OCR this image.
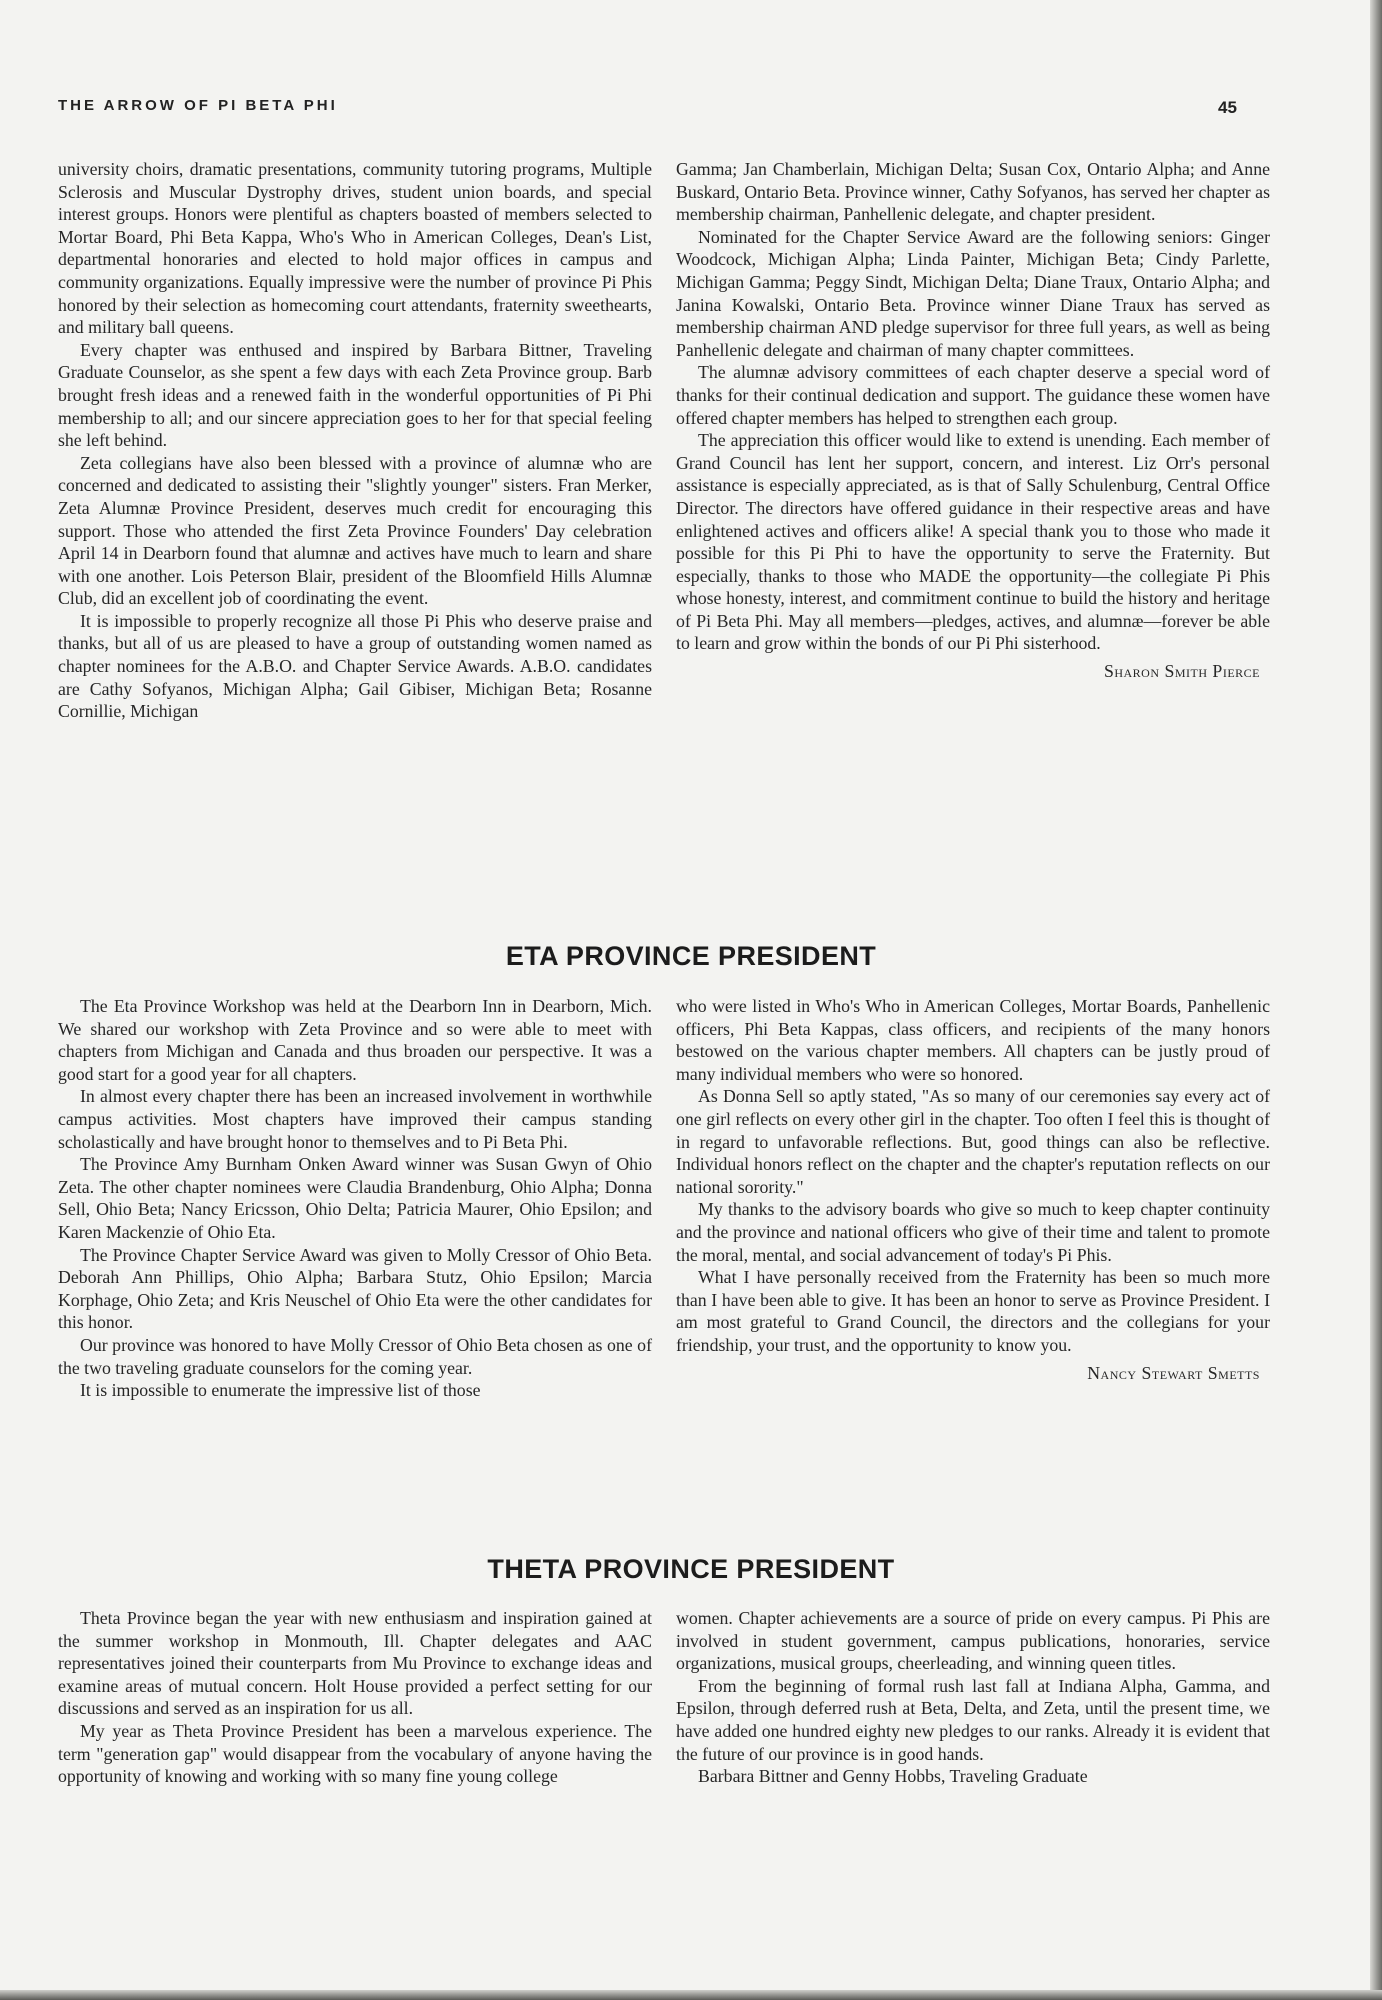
THE ARROW OF PI BETA PHI	45

university choirs, dramatic presentations, community tutoring programs, Multiple Sclerosis and Muscular Dystrophy drives, student union boards, and special interest groups. Honors were plentiful as chapters boasted of members selected to Mortar Board, Phi Beta Kappa, Who's Who in American Colleges, Dean's List, departmental honoraries and elected to hold major offices in campus and community organizations. Equally impressive were the number of province Pi Phis honored by their selection as homecoming court attendants, fraternity sweethearts, and military ball queens.

Every chapter was enthused and inspired by Barbara Bittner, Traveling Graduate Counselor, as she spent a few days with each Zeta Province group. Barb brought fresh ideas and a renewed faith in the wonderful opportunities of Pi Phi membership to all; and our sincere appreciation goes to her for that special feeling she left behind.

Zeta collegians have also been blessed with a province of alumnæ who are concerned and dedicated to assisting their "slightly younger" sisters. Fran Merker, Zeta Alumnæ Province President, deserves much credit for encouraging this support. Those who attended the first Zeta Province Founders' Day celebration April 14 in Dearborn found that alumnæ and actives have much to learn and share with one another. Lois Peterson Blair, president of the Bloomfield Hills Alumnæ Club, did an excellent job of coordinating the event.

It is impossible to properly recognize all those Pi Phis who deserve praise and thanks, but all of us are pleased to have a group of outstanding women named as chapter nominees for the A.B.O. and Chapter Service Awards. A.B.O. candidates are Cathy Sofyanos, Michigan Alpha; Gail Gibiser, Michigan Beta; Rosanne Cornillie, Michigan

Gamma; Jan Chamberlain, Michigan Delta; Susan Cox, Ontario Alpha; and Anne Buskard, Ontario Beta. Province winner, Cathy Sofyanos, has served her chapter as membership chairman, Panhellenic delegate, and chapter president.

Nominated for the Chapter Service Award are the following seniors: Ginger Woodcock, Michigan Alpha; Linda Painter, Michigan Beta; Cindy Parlette, Michigan Gamma; Peggy Sindt, Michigan Delta; Diane Traux, Ontario Alpha; and Janina Kowalski, Ontario Beta. Province winner Diane Traux has served as membership chairman AND pledge supervisor for three full years, as well as being Panhellenic delegate and chairman of many chapter committees.

The alumnæ advisory committees of each chapter deserve a special word of thanks for their continual dedication and support. The guidance these women have offered chapter members has helped to strengthen each group.

The appreciation this officer would like to extend is unending. Each member of Grand Council has lent her support, concern, and interest. Liz Orr's personal assistance is especially appreciated, as is that of Sally Schulenburg, Central Office Director. The directors have offered guidance in their respective areas and have enlightened actives and officers alike! A special thank you to those who made it possible for this Pi Phi to have the opportunity to serve the Fraternity. But especially, thanks to those who MADE the opportunity—the collegiate Pi Phis whose honesty, interest, and commitment continue to build the history and heritage of Pi Beta Phi. May all members—pledges, actives, and alumnæ—forever be able to learn and grow within the bonds of our Pi Phi sisterhood.

Sharon Smith Pierce
ETA PROVINCE PRESIDENT

The Eta Province Workshop was held at the Dearborn Inn in Dearborn, Mich. We shared our workshop with Zeta Province and so were able to meet with chapters from Michigan and Canada and thus broaden our perspective. It was a good start for a good year for all chapters.

In almost every chapter there has been an increased involvement in worthwhile campus activities. Most chapters have improved their campus standing scholastically and have brought honor to themselves and to Pi Beta Phi.

The Province Amy Burnham Onken Award winner was Susan Gwyn of Ohio Zeta. The other chapter nominees were Claudia Brandenburg, Ohio Alpha; Donna Sell, Ohio Beta; Nancy Ericsson, Ohio Delta; Patricia Maurer, Ohio Epsilon; and Karen Mackenzie of Ohio Eta.

The Province Chapter Service Award was given to Molly Cressor of Ohio Beta. Deborah Ann Phillips, Ohio Alpha; Barbara Stutz, Ohio Epsilon; Marcia Korphage, Ohio Zeta; and Kris Neuschel of Ohio Eta were the other candidates for this honor.

Our province was honored to have Molly Cressor of Ohio Beta chosen as one of the two traveling graduate counselors for the coming year.

It is impossible to enumerate the impressive list of those

who were listed in Who's Who in American Colleges, Mortar Boards, Panhellenic officers, Phi Beta Kappas, class officers, and recipients of the many honors bestowed on the various chapter members. All chapters can be justly proud of many individual members who were so honored.

As Donna Sell so aptly stated, "As so many of our ceremonies say every act of one girl reflects on every other girl in the chapter. Too often I feel this is thought of in regard to unfavorable reflections. But, good things can also be reflective. Individual honors reflect on the chapter and the chapter's reputation reflects on our national sorority."

My thanks to the advisory boards who give so much to keep chapter continuity and the province and national officers who give of their time and talent to promote the moral, mental, and social advancement of today's Pi Phis.

What I have personally received from the Fraternity has been so much more than I have been able to give. It has been an honor to serve as Province President. I am most grateful to Grand Council, the directors and the collegians for your friendship, your trust, and the opportunity to know you.

Nancy Stewart Smetts
THETA PROVINCE PRESIDENT

Theta Province began the year with new enthusiasm and inspiration gained at the summer workshop in Monmouth, Ill. Chapter delegates and AAC representatives joined their counterparts from Mu Province to exchange ideas and examine areas of mutual concern. Holt House provided a perfect setting for our discussions and served as an inspiration for us all.

My year as Theta Province President has been a marvelous experience. The term "generation gap" would disappear from the vocabulary of anyone having the opportunity of knowing and working with so many fine young college

women. Chapter achievements are a source of pride on every campus. Pi Phis are involved in student government, campus publications, honoraries, service organizations, musical groups, cheerleading, and winning queen titles.

From the beginning of formal rush last fall at Indiana Alpha, Gamma, and Epsilon, through deferred rush at Beta, Delta, and Zeta, until the present time, we have added one hundred eighty new pledges to our ranks. Already it is evident that the future of our province is in good hands.

Barbara Bittner and Genny Hobbs, Traveling Graduate
